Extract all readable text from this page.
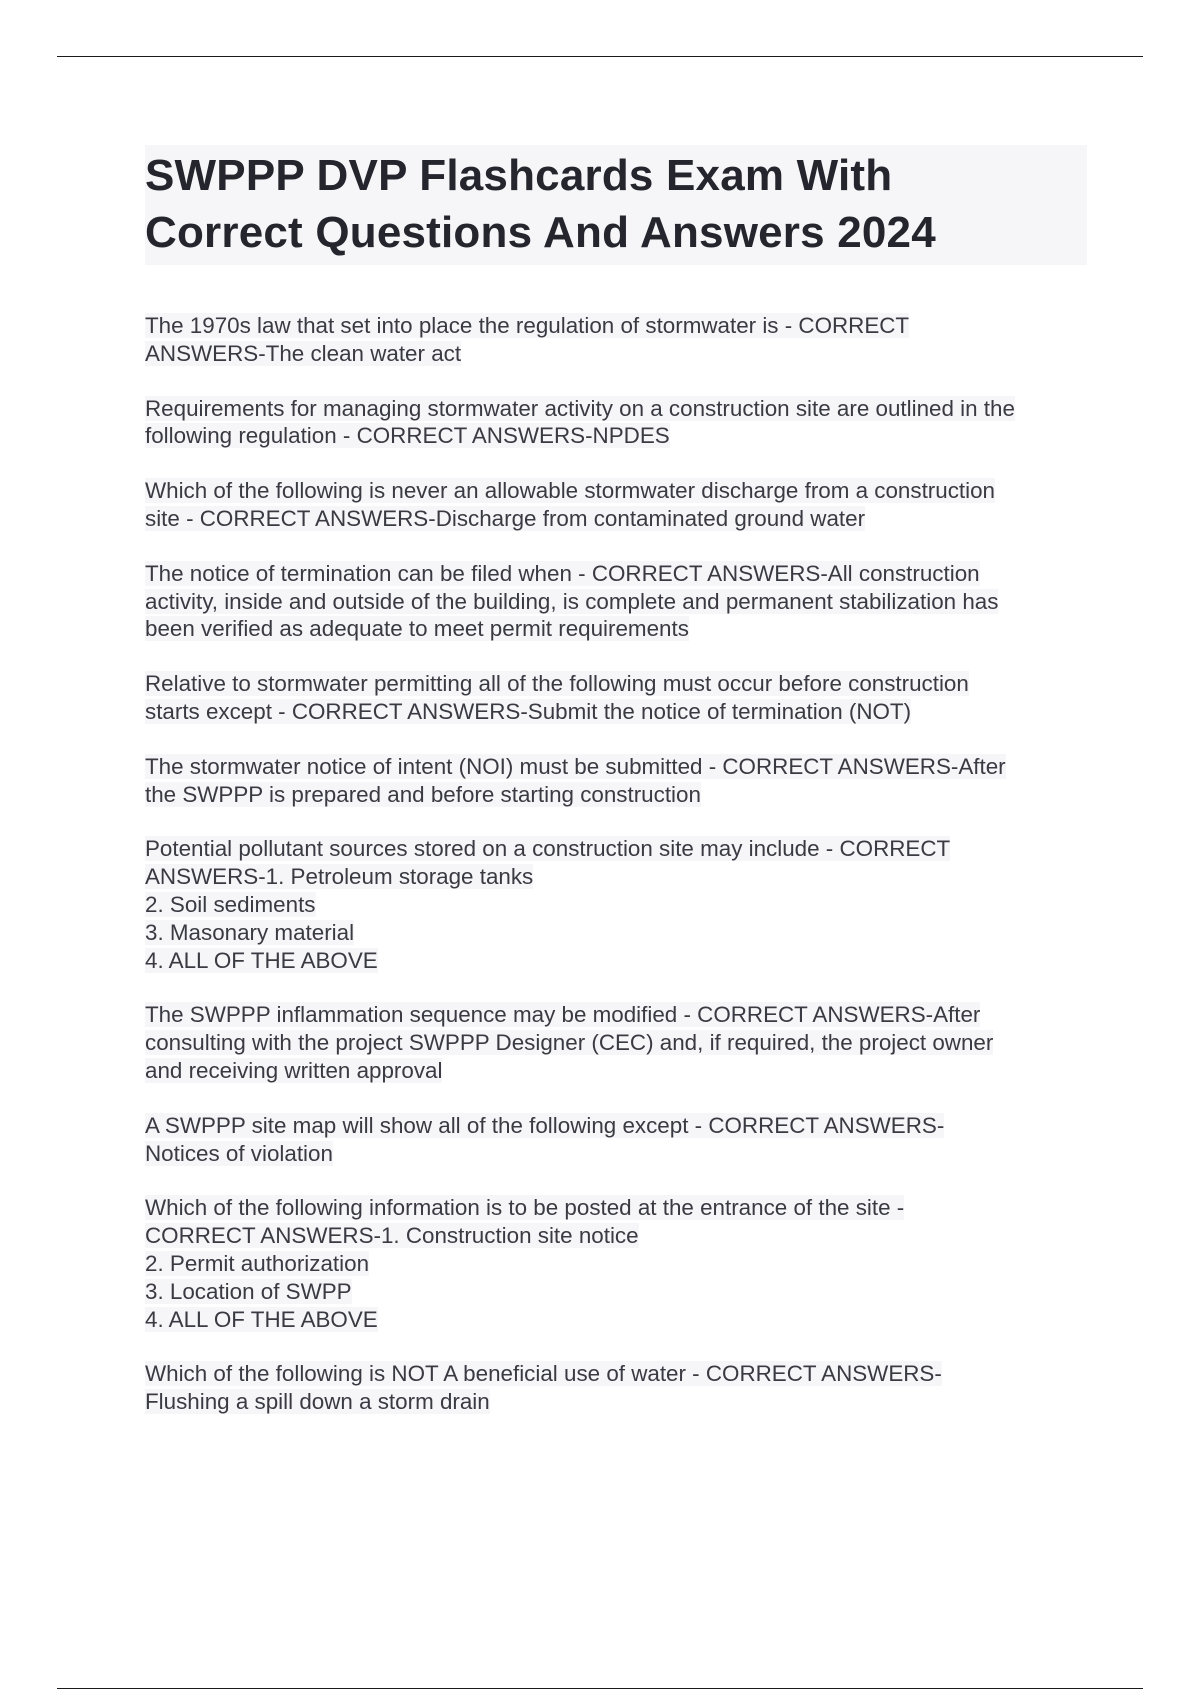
SWPPP DVP Flashcards Exam With
Correct Questions And Answers 2024
The 1970s law that set into place the regulation of stormwater is - CORRECT
ANSWERS-The clean water act
Requirements for managing stormwater activity on a construction site are outlined in the
following regulation - CORRECT ANSWERS-NPDES
Which of the following is never an allowable stormwater discharge from a construction
site - CORRECT ANSWERS-Discharge from contaminated ground water
The notice of termination can be filed when - CORRECT ANSWERS-All construction
activity, inside and outside of the building, is complete and permanent stabilization has
been verified as adequate to meet permit requirements
Relative to stormwater permitting all of the following must occur before construction
starts except - CORRECT ANSWERS-Submit the notice of termination (NOT)
The stormwater notice of intent (NOI) must be submitted - CORRECT ANSWERS-After
the SWPPP is prepared and before starting construction
Potential pollutant sources stored on a construction site may include - CORRECT
ANSWERS-1. Petroleum storage tanks
2. Soil sediments
3. Masonary material
4. ALL OF THE ABOVE
The SWPPP inflammation sequence may be modified - CORRECT ANSWERS-After
consulting with the project SWPPP Designer (CEC) and, if required, the project owner
and receiving written approval
A SWPPP site map will show all of the following except - CORRECT ANSWERS-
Notices of violation
Which of the following information is to be posted at the entrance of the site -
CORRECT ANSWERS-1. Construction site notice
2. Permit authorization
3. Location of SWPP
4. ALL OF THE ABOVE
Which of the following is NOT A beneficial use of water - CORRECT ANSWERS-
Flushing a spill down a storm drain
